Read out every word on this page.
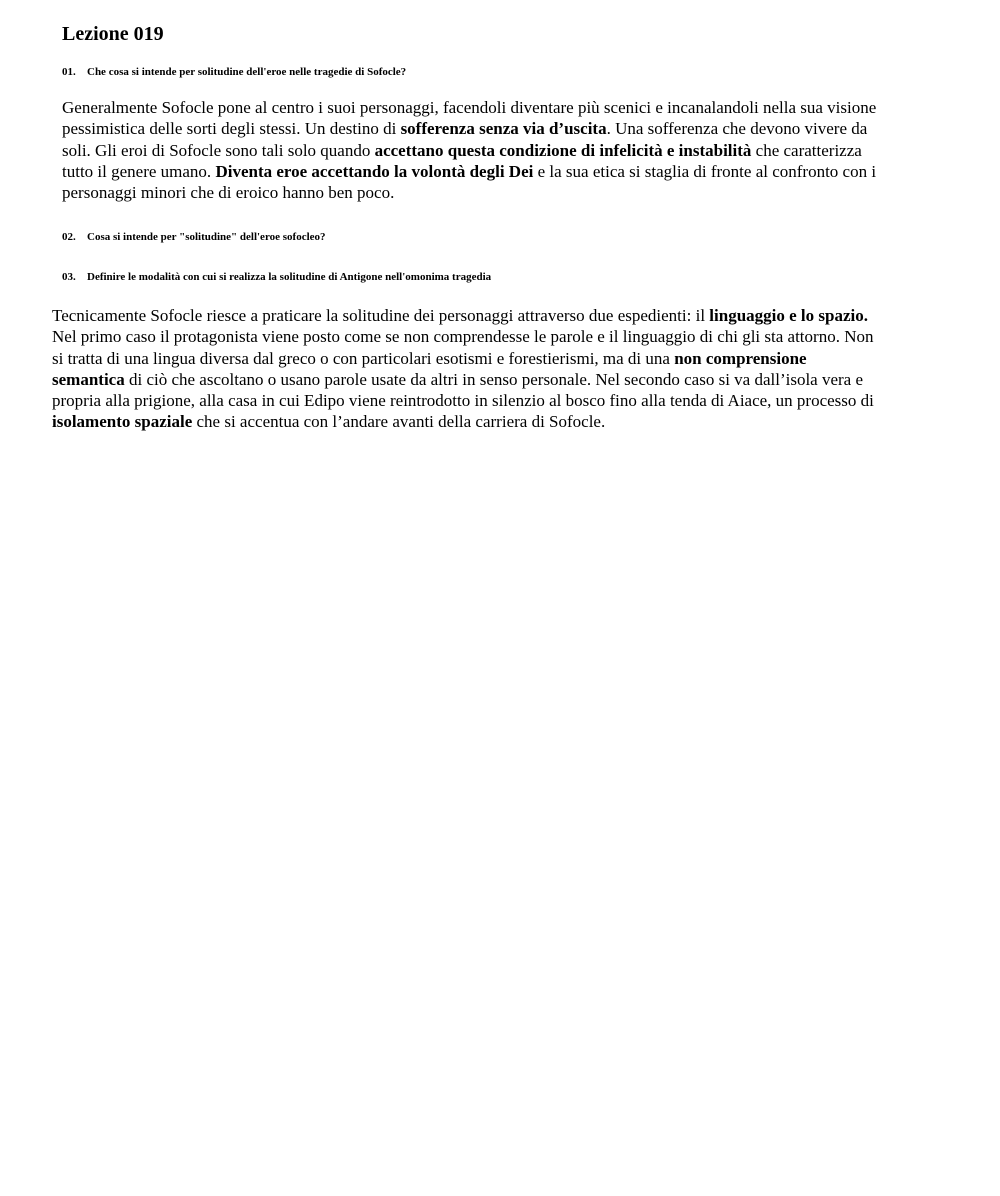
Lezione 019
01. Che cosa si intende per solitudine dell'eroe nelle tragedie di Sofocle?
Generalmente Sofocle pone al centro i suoi personaggi, facendoli diventare più scenici e incanalandoli nella sua visione
pessimistica delle sorti degli stessi. Un destino di sofferenza senza via d’uscita. Una sofferenza che devono vivere da
soli. Gli eroi di Sofocle sono tali solo quando accettano questa condizione di infelicità e instabilità che caratterizza
tutto il genere umano. Diventa eroe accettando la volontà degli Dei e la sua etica si staglia di fronte al confronto con i
personaggi minori che di eroico hanno ben poco.
02. Cosa si intende per "solitudine" dell'eroe sofocleo?
03. Definire le modalità con cui si realizza la solitudine di Antigone nell'omonima tragedia
Tecnicamente Sofocle riesce a praticare la solitudine dei personaggi attraverso due espedienti: il linguaggio e lo spazio.
Nel primo caso il protagonista viene posto come se non comprendesse le parole e il linguaggio di chi gli sta attorno. Non
si tratta di una lingua diversa dal greco o con particolari esotismi e forestierismi, ma di una non comprensione
semantica di ciò che ascoltano o usano parole usate da altri in senso personale. Nel secondo caso si va dall’isola vera e
propria alla prigione, alla casa in cui Edipo viene reintrodotto in silenzio al bosco fino alla tenda di Aiace, un processo di
isolamento spaziale che si accentua con l’andare avanti della carriera di Sofocle.
